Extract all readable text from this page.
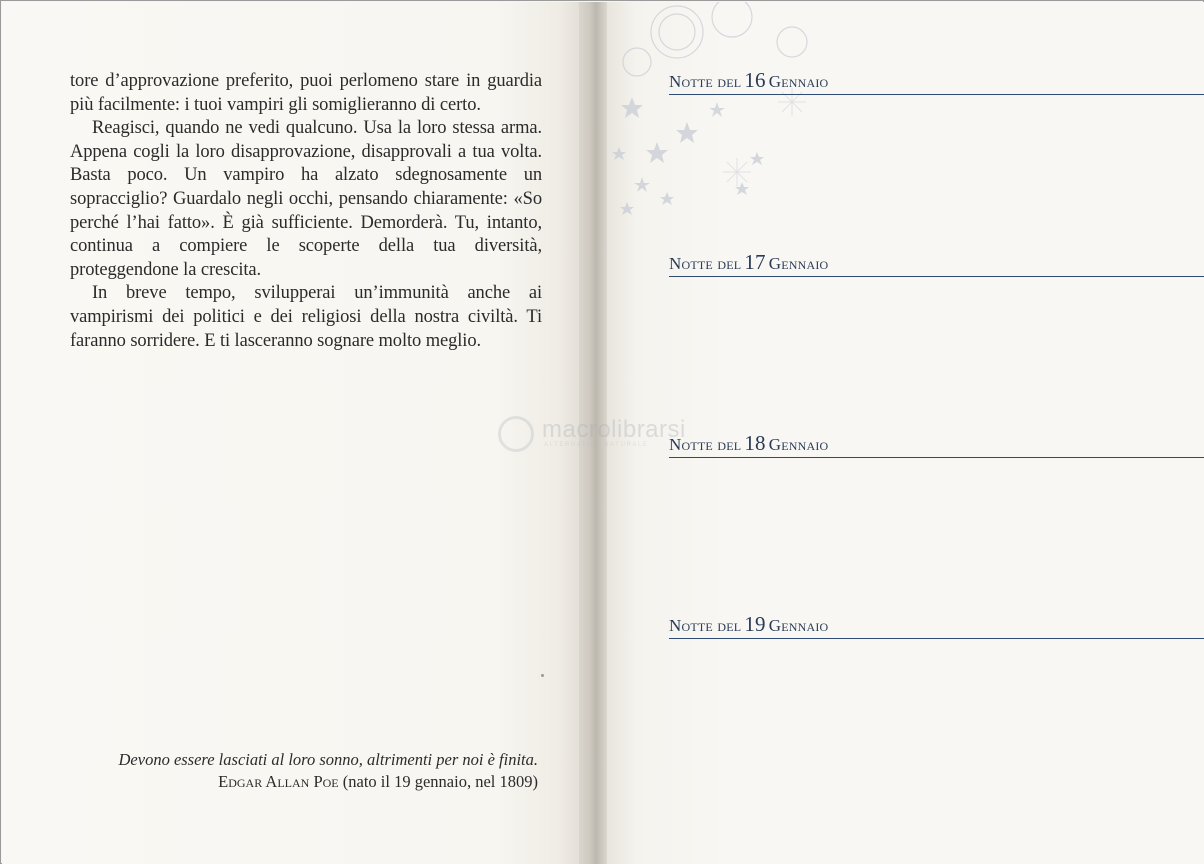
tore d’approvazione preferito, puoi perlomeno stare in guardia più facilmente: i tuoi vampiri gli somiglieranno di certo.

Reagisci, quando ne vedi qualcuno. Usa la loro stessa arma. Appena cogli la loro disapprovazione, disapprovali a tua volta. Basta poco. Un vampiro ha alzato sdegnosamente un sopracciglio? Guardalo negli occhi, pensando chiaramente: «So perché l’hai fatto». È già sufficiente. Demorderà. Tu, intanto, continua a compiere le scoperte della tua diversità, proteggendone la crescita.

In breve tempo, svilupperai un’immunità anche ai vampirismi dei politici e dei religiosi della nostra civiltà. Ti faranno sorridere. E ti lasceranno sognare molto meglio.

Devono essere lasciati al loro sonno, altrimenti per noi è finita.
Edgar Allan Poe (nato il 19 gennaio, nel 1809)
Notte del 16 Gennaio
Notte del 17 Gennaio
Notte del 18 Gennaio
Notte del 19 Gennaio
macrolibrarsi
ALTERNATIVA NATURALE
